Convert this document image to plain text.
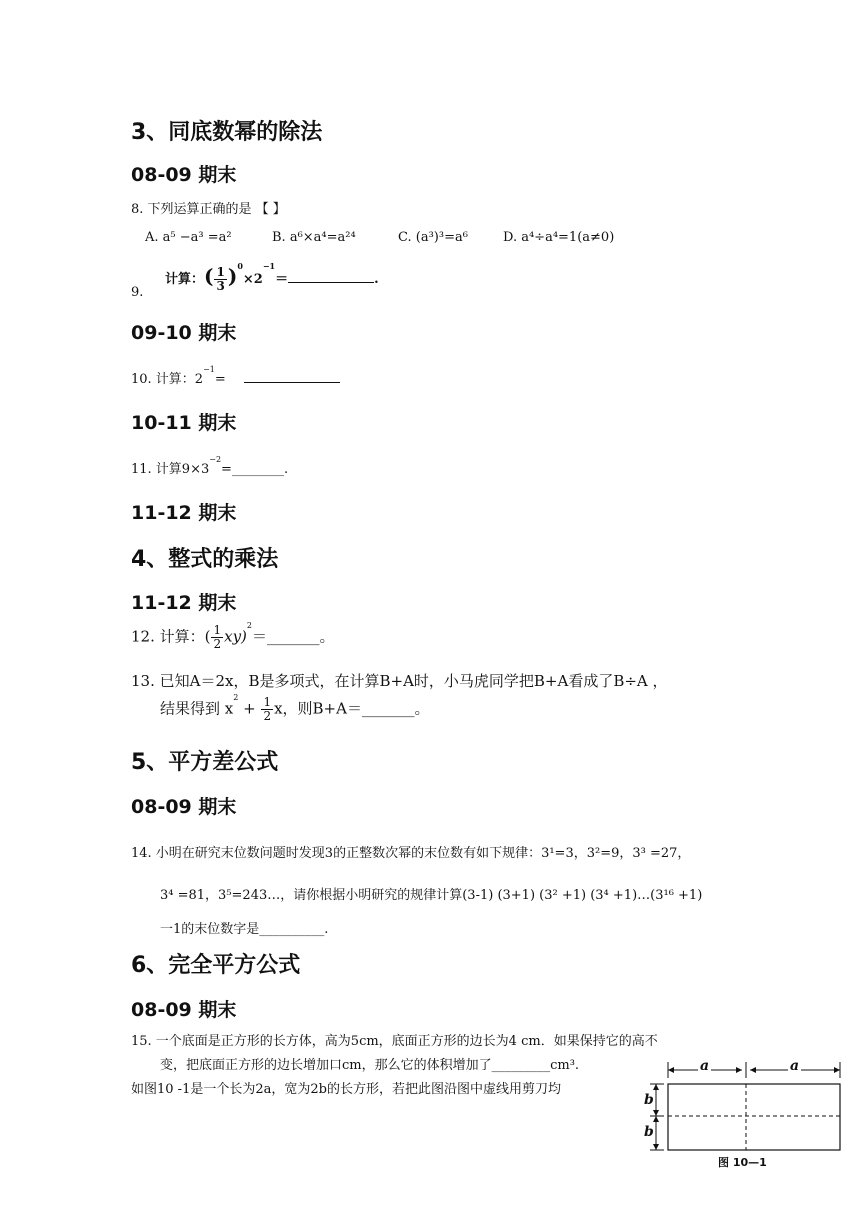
3、同底数幂的除法
08-09 期末
8. 下列运算正确的是 【 】
A. a⁵ −a³ =a²	B. a⁶×a⁴=a²⁴	C. (a³)³=a⁶	D. a⁴÷a⁴=1(a≠0)
9.
计算：( $\frac{1}{3} )^0\times 2^{-1}=$	.
09-10 期末
10. 计算：$2^{-1}=$
10-11 期末
11. 计算$9\times 3^{-2}=\_\_\_\_\_\_\_\_$.
11-12 期末
4、整式的乘法
11-12 期末
12. 计算：( $\frac{1}{2}$ xy)$^2$＝_______。
13. 已知A＝2x，B是多项式，在计算B+A时，小马虎同学把B+A看成了B÷A ，
结果得到 $x^2 + \frac{1}{2}$ x，则B+A＝_______。
5、平方差公式
08-09 期末
14. 小明在研究末位数问题时发现3的正整数次幂的末位数有如下规律：3¹=3，3²=9，3³ =27，
3⁴ =81，3⁵=243…，请你根据小明研究的规律计算(3-1) (3+1) (3² +1) (3⁴ +1)…(3¹⁶ +1)
一1的末位数字是__________.
6、完全平方公式
08-09 期末
15. 一个底面是正方形的长方体，高为5cm，底面正方形的边长为4 cm．如果保持它的高不
变，把底面正方形的边长增加口cm，那么它的体积增加了_________cm³.
如图10 -1是一个长为2a，宽为2b的长方形，若把此图沿图中虚线用剪刀均
a	a
b
b
图 10—1
